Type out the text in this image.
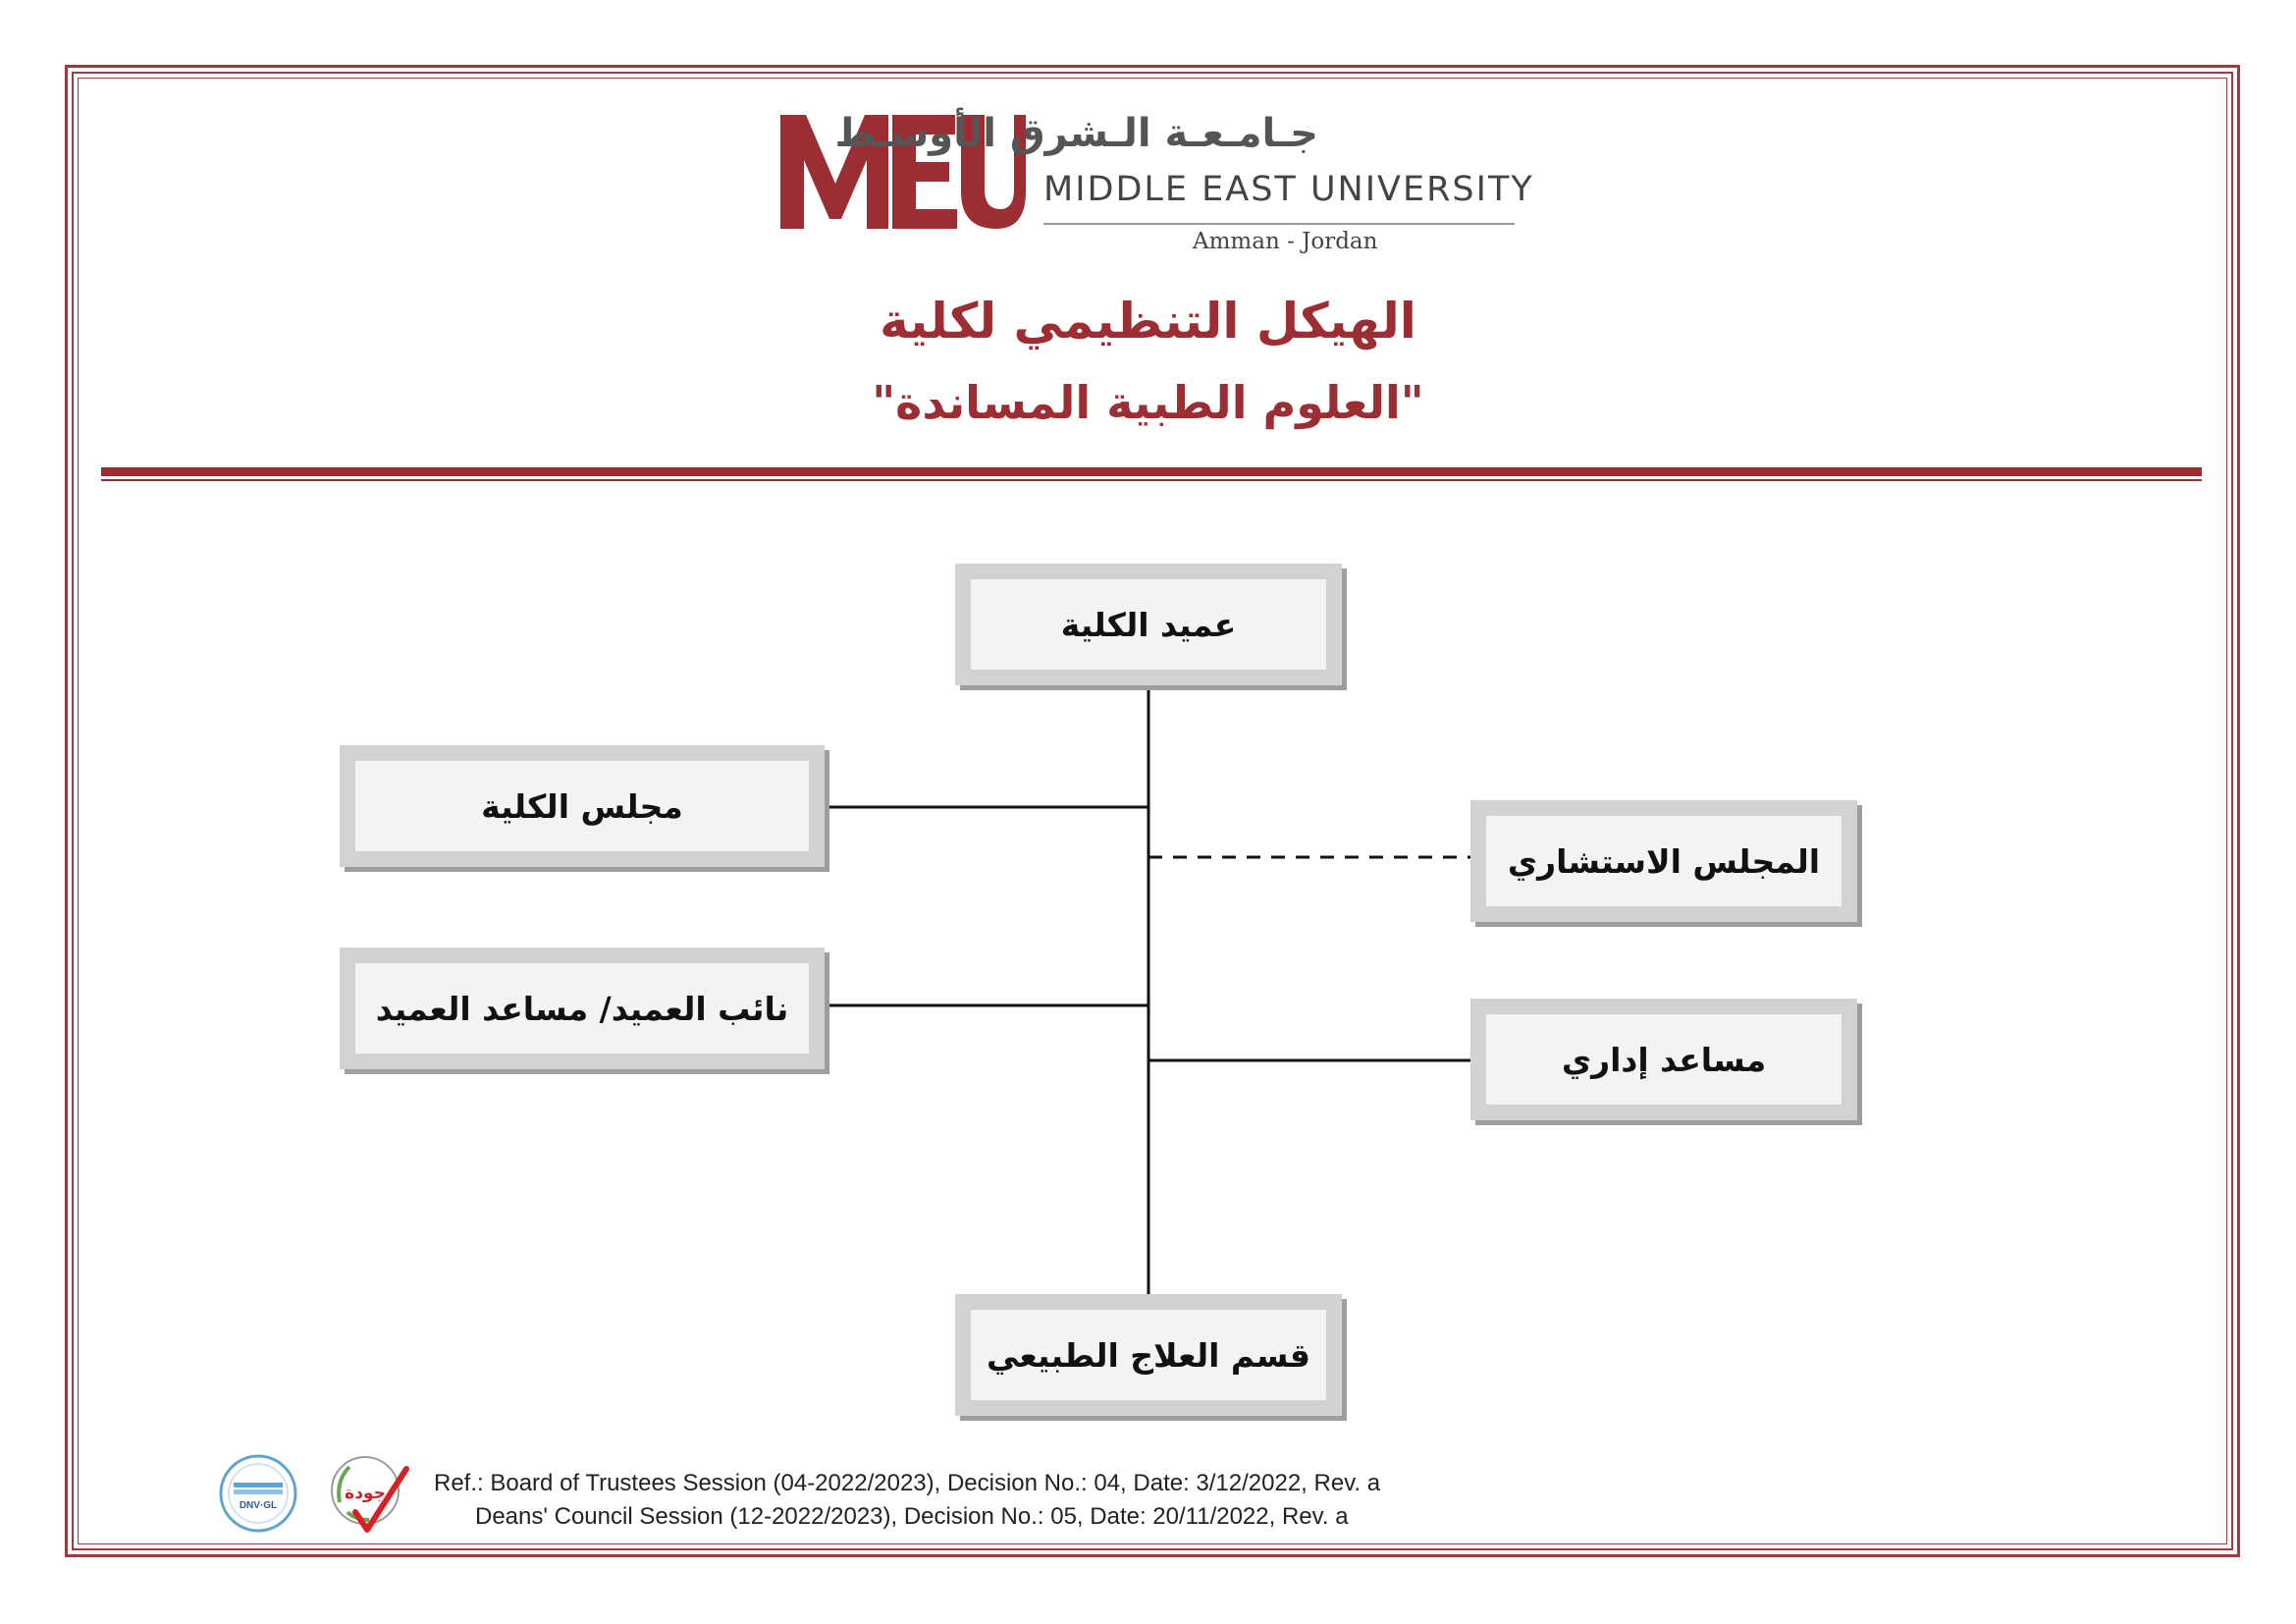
جـامـعـة الـشرق الأوسـط
MIDDLE EAST UNIVERSITY
Amman - Jordan
الهيكل التنظيمي لكلية
"العلوم الطبية المساندة"
عميد الكلية
مجلس الكلية
نائب العميد/ مساعد العميد
المجلس الاستشاري
مساعد إداري
قسم العلاج الطبيعي
DNV·GL
جودة Ref.: Board of Trustees Session (04-2022/2023), Decision No.: 04, Date: 3/12/2022, Rev. a
Deans' Council Session (12-2022/2023), Decision No.: 05, Date: 20/11/2022, Rev. a
